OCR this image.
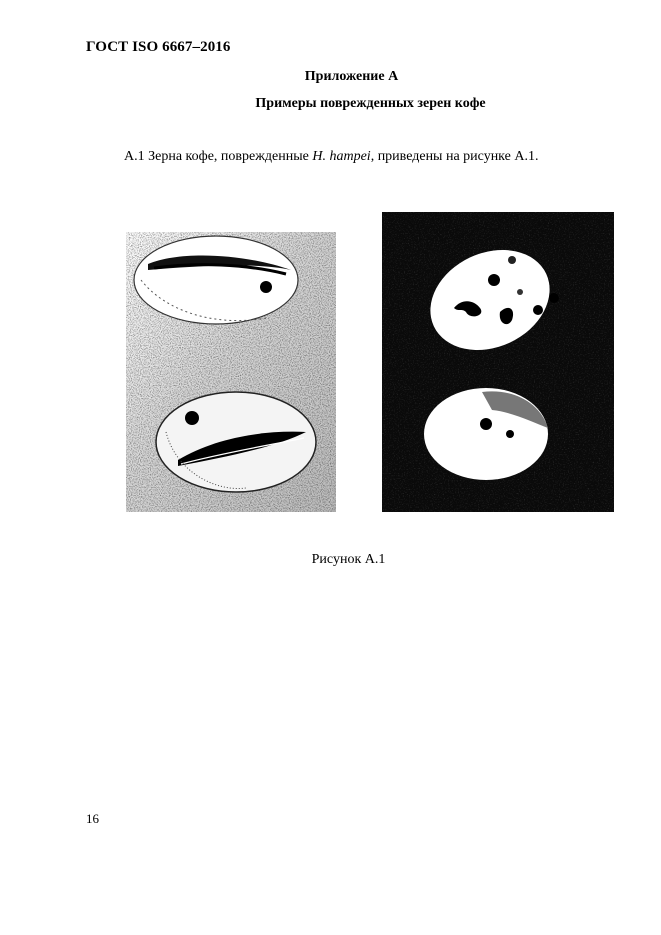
ГОСТ ISO 6667–2016
Приложение А
Примеры поврежденных зерен кофе
А.1 Зерна кофе, поврежденные H. hampei, приведены на рисунке А.1.
Рисунок А.1
16
